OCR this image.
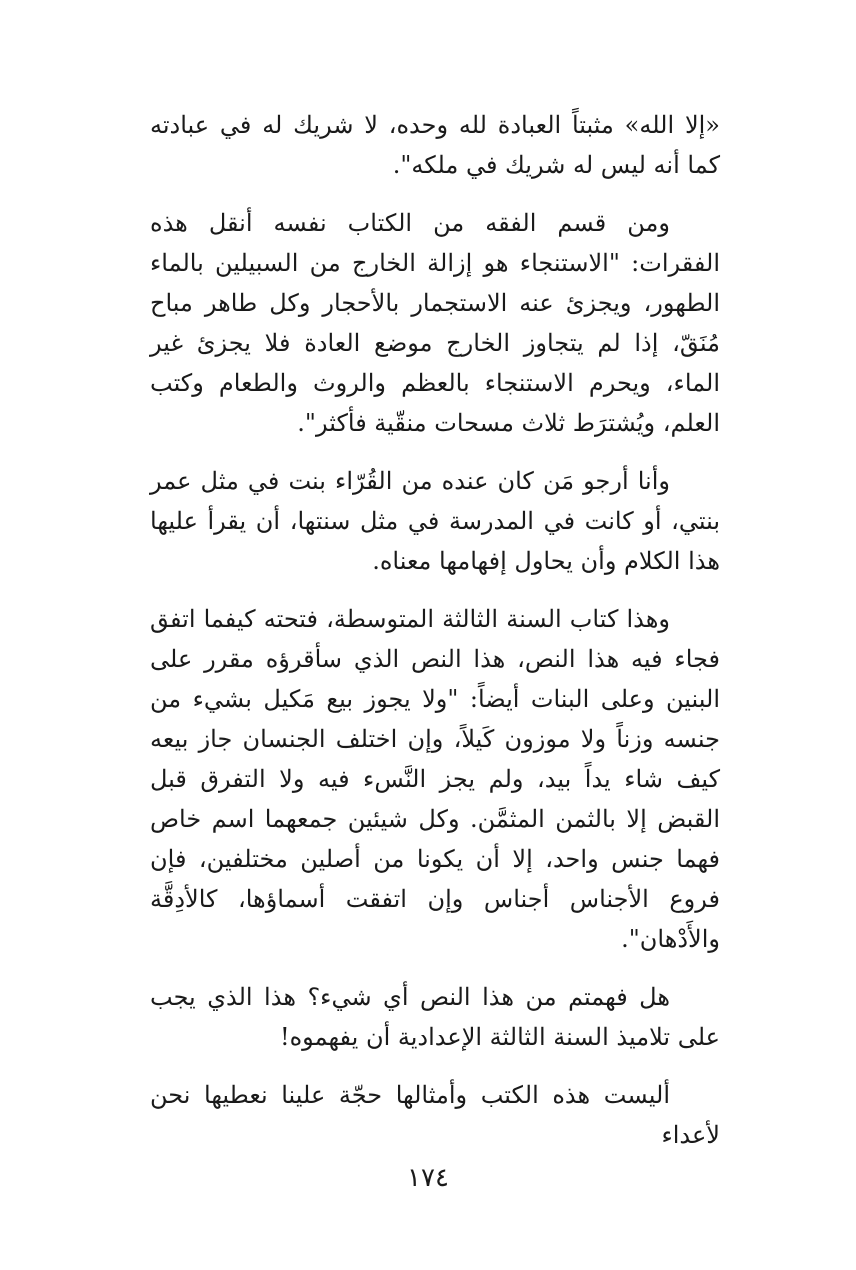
«إلا الله» مثبتاً العبادة لله وحده، لا شريك له في عبادته كما أنه ليس له شريك في ملكه".

ومن قسم الفقه من الكتاب نفسه أنقل هذه الفقرات: "الاستنجاء هو إزالة الخارج من السبيلين بالماء الطهور، ويجزئ عنه الاستجمار بالأحجار وكل طاهر مباح مُنَقّ، إذا لم يتجاوز الخارج موضع العادة فلا يجزئ غير الماء، ويحرم الاستنجاء بالعظم والروث والطعام وكتب العلم، ويُشترَط ثلاث مسحات منقّية فأكثر".

وأنا أرجو مَن كان عنده من القُرّاء بنت في مثل عمر بنتي، أو كانت في المدرسة في مثل سنتها، أن يقرأ عليها هذا الكلام وأن يحاول إفهامها معناه.

وهذا كتاب السنة الثالثة المتوسطة، فتحته كيفما اتفق فجاء فيه هذا النص، هذا النص الذي سأقرؤه مقرر على البنين وعلى البنات أيضاً: "ولا يجوز بيع مَكيل بشيء من جنسه وزناً ولا موزون كَيلاً، وإن اختلف الجنسان جاز بيعه كيف شاء يداً بيد، ولم يجز النَّسء فيه ولا التفرق قبل القبض إلا بالثمن المثمَّن. وكل شيئين جمعهما اسم خاص فهما جنس واحد، إلا أن يكونا من أصلين مختلفين، فإن فروع الأجناس أجناس وإن اتفقت أسماؤها، كالأدِقَّة والأَدْهان".

هل فهمتم من هذا النص أي شيء؟ هذا الذي يجب على تلاميذ السنة الثالثة الإعدادية أن يفهموه!

أليست هذه الكتب وأمثالها حجّة علينا نعطيها نحن لأعداء

١٧٤
